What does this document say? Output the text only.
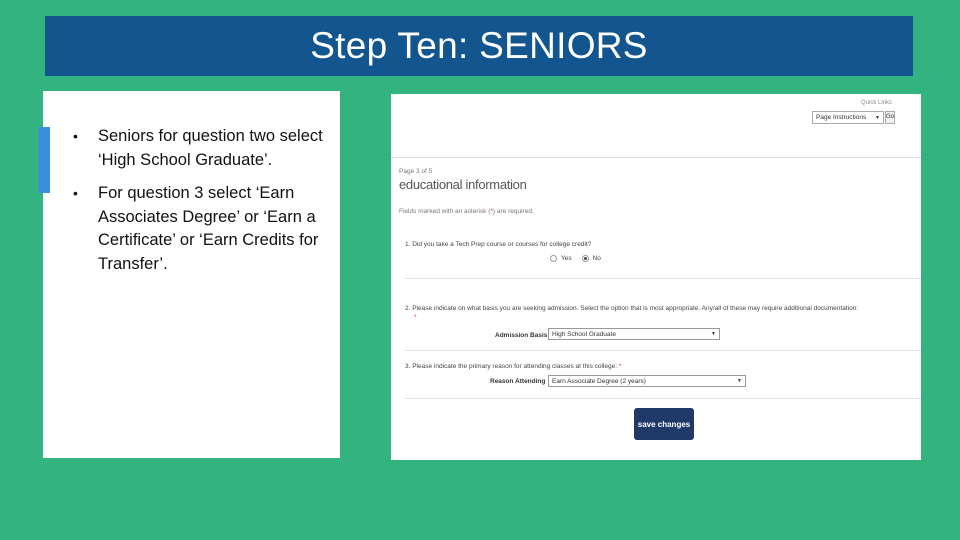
Step Ten: SENIORS
• Seniors for question two select ‘High School Graduate’.
• For question 3 select ‘Earn Associates Degree’ or ‘Earn a Certificate’ or ‘Earn Credits for Transfer’.
Quick Links
Page Instructions ▼ Go
Page 3 of 5
educational information
Fields marked with an asterisk (*) are required.
1. Did you take a Tech Prep course or courses for college credit?
Yes	No
2. Please indicate on what basis you are seeking admission. Select the option that is most appropriate. Any/all of these may require additional documentation:
*
Admission Basis High School Graduate	▼
3. Please indicate the primary reason for attending classes at this college: *
Reason Attending	Earn Associate Degree (2 years)	▼
save changes
